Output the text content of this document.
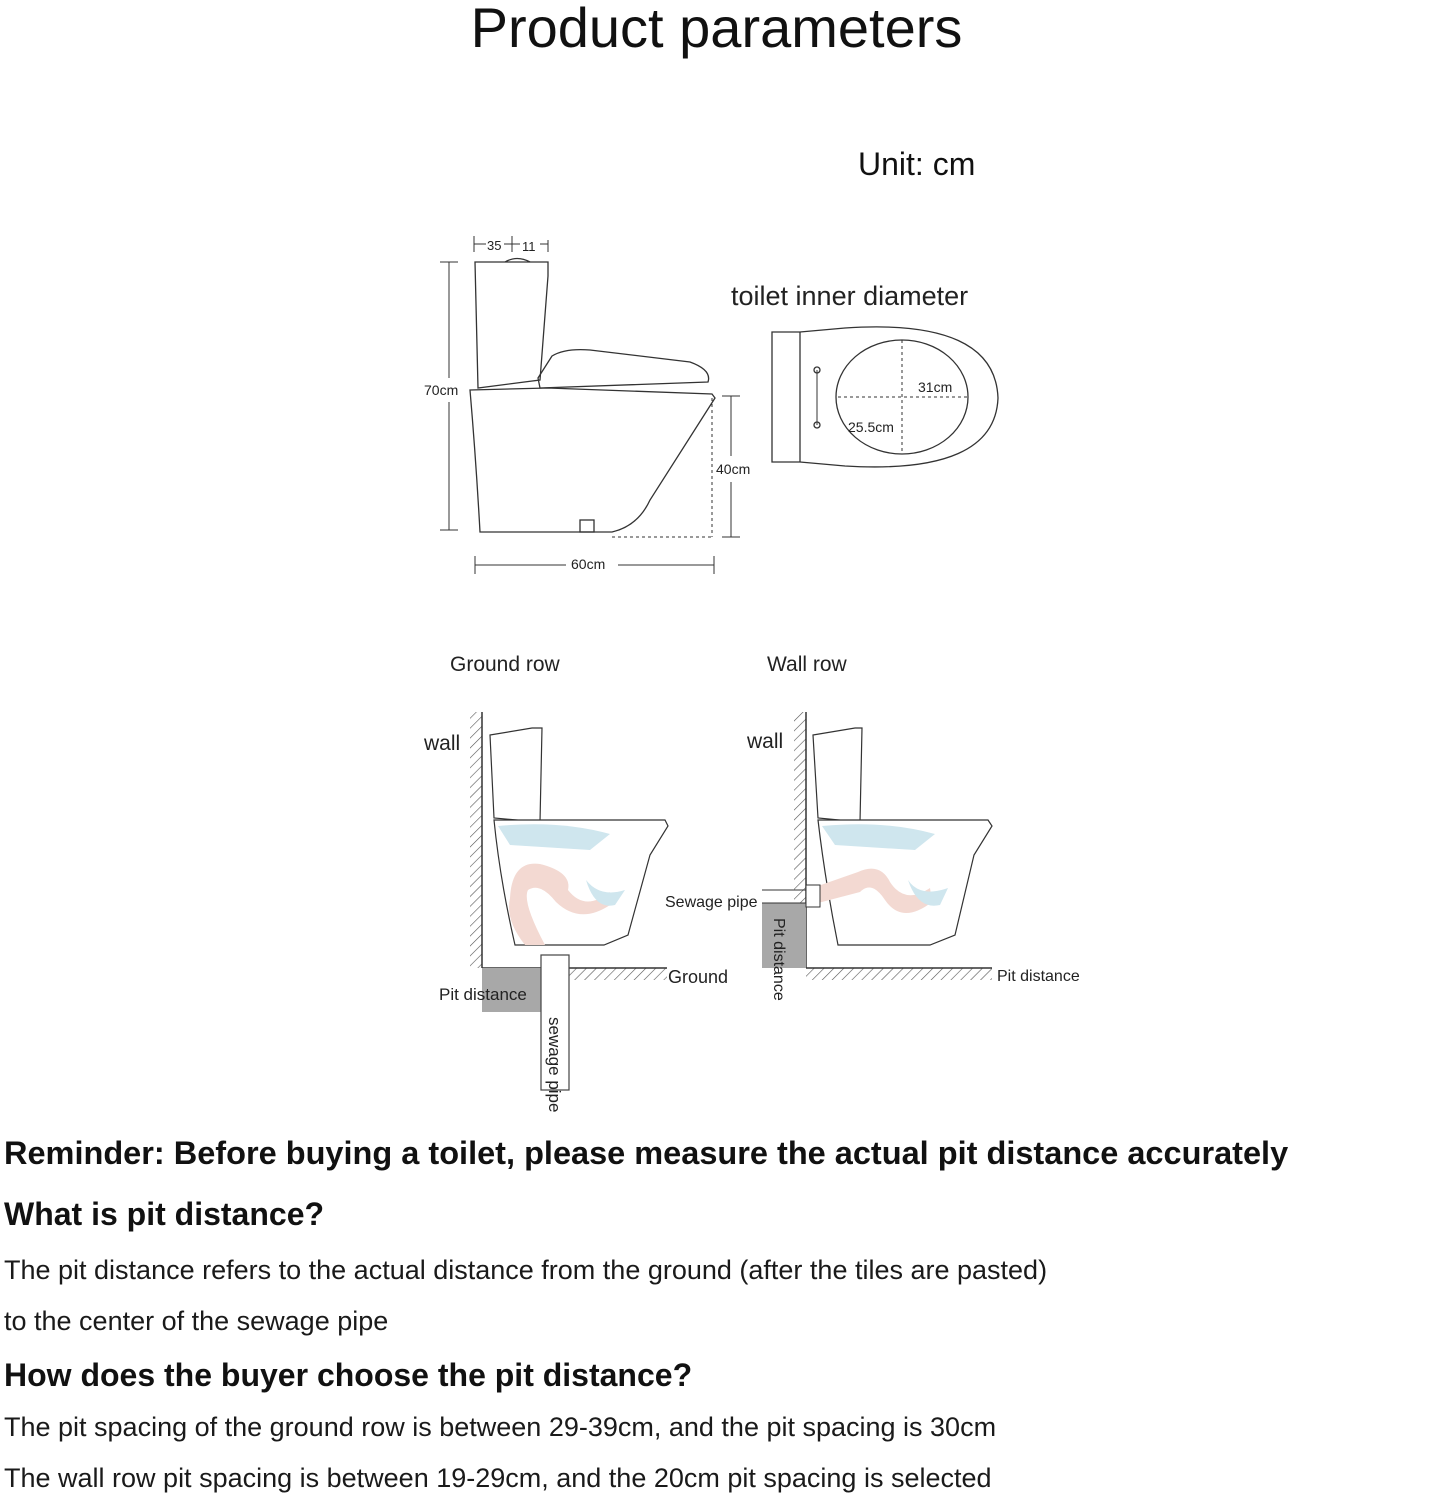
Product parameters
Unit: cm
35 11
70cm
40cm
60cm
toilet inner diameter
31cm
25.5cm
Ground row
wall
Ground
Pit distance
sewage pipe
Wall row
wall
Sewage pipe
Pit distance	Pit distance
Reminder: Before buying a toilet, please measure the actual pit distance accurately
What is pit distance?
The pit distance refers to the actual distance from the ground (after the tiles are pasted)
to the center of the sewage pipe
How does the buyer choose the pit distance?
The pit spacing of the ground row is between 29-39cm, and the pit spacing is 30cm
The wall row pit spacing is between 19-29cm, and the 20cm pit spacing is selected
